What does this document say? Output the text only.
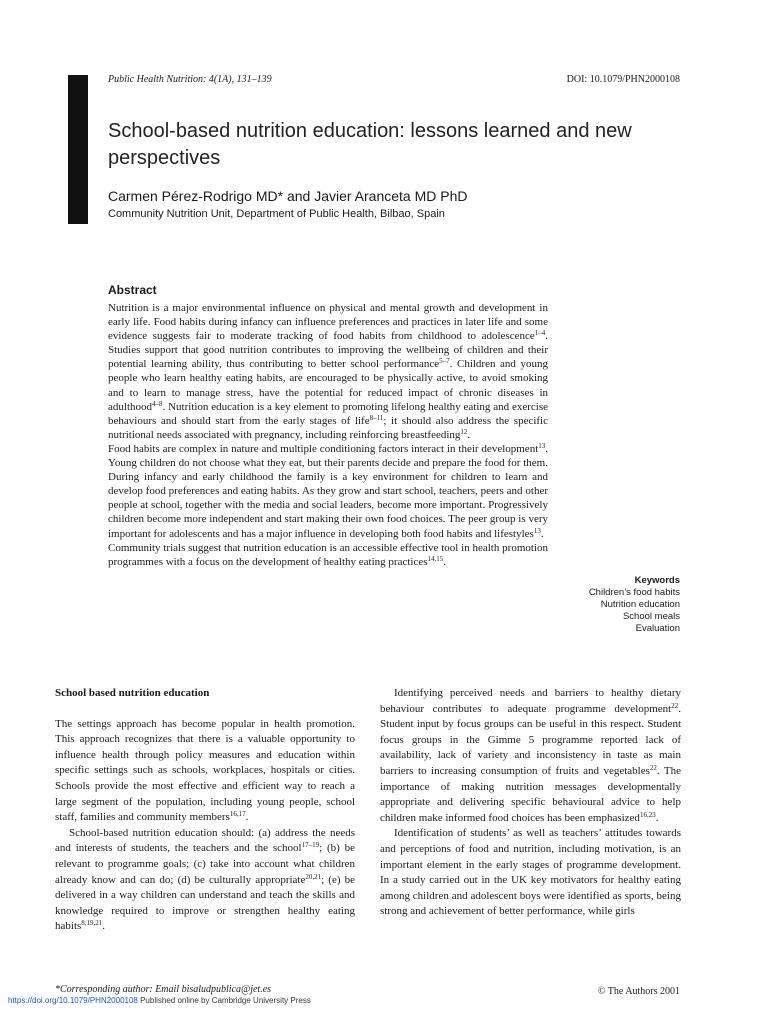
Public Health Nutrition: 4(1A), 131–139	DOI: 10.1079/PHN2000108
School-based nutrition education: lessons learned and new perspectives
Carmen Pérez-Rodrigo MD* and Javier Aranceta MD PhD
Community Nutrition Unit, Department of Public Health, Bilbao, Spain
Abstract

Nutrition is a major environmental influence on physical and mental growth and development in early life. Food habits during infancy can influence preferences and practices in later life and some evidence suggests fair to moderate tracking of food habits from childhood to adolescence$^{1-4}$. Studies support that good nutrition contributes to improving the wellbeing of children and their potential learning ability, thus contributing to better school performance$^{5-7}$. Children and young people who learn healthy eating habits, are encouraged to be physically active, to avoid smoking and to learn to manage stress, have the potential for reduced impact of chronic diseases in adulthood$^{4-8}$. Nutrition education is a key element to promoting lifelong healthy eating and exercise behaviours and should start from the early stages of life$^{8-11}$; it should also address the specific nutritional needs associated with pregnancy, including reinforcing breastfeeding$^{12}$.

Food habits are complex in nature and multiple conditioning factors interact in their development$^{13}$. Young children do not choose what they eat, but their parents decide and prepare the food for them. During infancy and early childhood the family is a key environment for children to learn and develop food preferences and eating habits. As they grow and start school, teachers, peers and other people at school, together with the media and social leaders, become more important. Progressively children become more independent and start making their own food choices. The peer group is very important for adolescents and has a major influence in developing both food habits and lifestyles$^{13}$.

Community trials suggest that nutrition education is an accessible effective tool in health promotion programmes with a focus on the development of healthy eating practices$^{14,15}$.

Keywords
Children’s food habits
Nutrition education
School meals
Evaluation

School based nutrition education

The settings approach has become popular in health promotion. This approach recognizes that there is a valuable opportunity to influence health through policy measures and education within specific settings such as schools, workplaces, hospitals or cities. Schools provide the most effective and efficient way to reach a large segment of the population, including young people, school staff, families and community members$^{16,17}$.

School-based nutrition education should: (a) address the needs and interests of students, the teachers and the school$^{17-19}$; (b) be relevant to programme goals; (c) take into account what children already know and can do; (d) be culturally appropriate$^{20,21}$; (e) be delivered in a way children can understand and teach the skills and knowledge required to improve or strengthen healthy eating habits$^{8,19,21}$.

Identifying perceived needs and barriers to healthy dietary behaviour contributes to adequate programme development$^{22}$. Student input by focus groups can be useful in this respect. Student focus groups in the Gimme 5 programme reported lack of availability, lack of variety and inconsistency in taste as main barriers to increasing consumption of fruits and vegetables$^{22}$. The importance of making nutrition messages developmentally appropriate and delivering specific behavioural advice to help children make informed food choices has been emphasized$^{16,23}$.

Identification of students’ as well as teachers’ attitudes towards and perceptions of food and nutrition, including motivation, is an important element in the early stages of programme development. In a study carried out in the UK key motivators for healthy eating among children and adolescent boys were identified as sports, being strong and achievement of better performance, while girls

*Corresponding author: Email bisaludpublica@jet.es	© The Authors 2001
https://doi.org/10.1079/PHN2000108 Published online by Cambridge University Press
